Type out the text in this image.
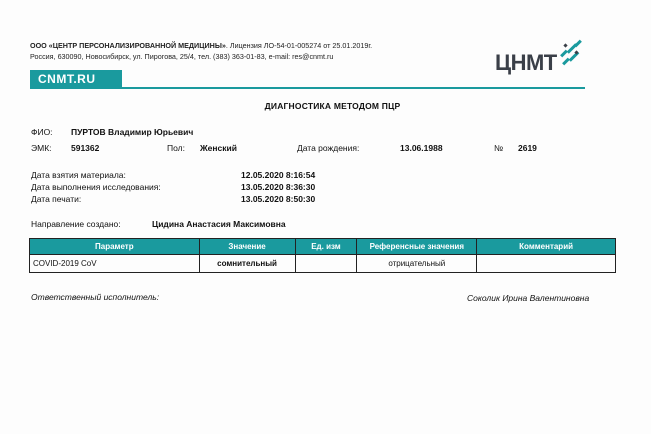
ООО «ЦЕНТР ПЕРСОНАЛИЗИРОВАННОЙ МЕДИЦИНЫ». Лицензия ЛО-54-01-005274 от 25.01.2019г.
Россия, 630090, Новосибирск, ул. Пирогова, 25/4, тел. (383) 363-01-83, e-mail: res@cnmt.ru	ЦНМТ
CNMT.RU
ДИАГНОСТИКА МЕТОДОМ ПЦР
ФИО: ПУРТОВ Владимир Юрьевич
ЭМК: 591362	Пол: Женский	Дата рождения:	13.06.1988	№ 2619
Дата взятия материала:	12.05.2020 8:16:54
Дата выполнения исследования:	13.05.2020 8:36:30
Дата печати:	13.05.2020 8:50:30
Направление создано:	Цидина Анастасия Максимовна
Параметр	Значение	Ед. изм	Референсные значения	Комментарий
COVID-2019 CoV	сомнительный		отрицательный	
Ответственный исполнитель:	Соколик Ирина Валентиновна
